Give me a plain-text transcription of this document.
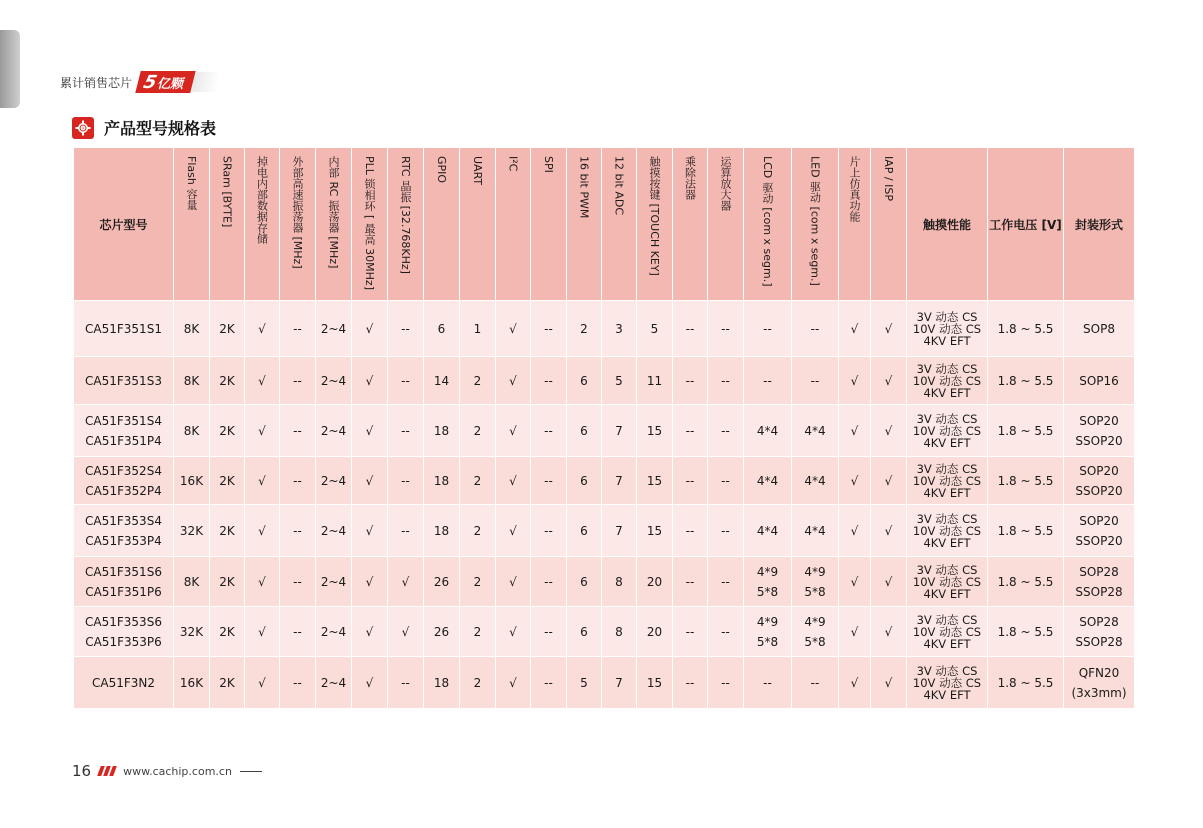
累计销售芯片 5
亿颗
产品型号规格表
芯片型号	Flash 容量	SRam [BYTE]	掉电内部数据存储	外部高速振荡器 [MHz]	内部 RC 振荡器 [MHz]	PLL 锁相环 [ 最高 30MHz]	RTC 晶振 [32.768KHz]	GPIO	UART	I²C	SPI	16 bit PWM	12 bit ADC	触摸按键 [TOUCH KEY]	乘除法器	运算放大器	LCD 驱动 [com x segm.]	LED 驱动 [com x segm.]	片上仿真功能	IAP / ISP	触摸性能	工作电压 [V]	封装形式

CA51F351S1	8K	2K	√	--	2~4	√	--	6	1	√	--	2	3	5	--	--	--	--	√	√	3V 动态 CS
10V 动态 CS
4KV EFT	1.8 ~ 5.5	SOP8

CA51F351S3	8K	2K	√	--	2~4	√	--	14	2	√	--	6	5	11	--	--	--	--	√	√	3V 动态 CS
10V 动态 CS
4KV EFT	1.8 ~ 5.5	SOP16

CA51F351S4
CA51F351P4	8K	2K	√	--	2~4	√	--	18	2	√	--	6	7	15	--	--	4*4	4*4	√	√	3V 动态 CS
10V 动态 CS
4KV EFT	1.8 ~ 5.5	SOP20
SSOP20

CA51F352S4
CA51F352P4	16K	2K	√	--	2~4	√	--	18	2	√	--	6	7	15	--	--	4*4	4*4	√	√	3V 动态 CS
10V 动态 CS
4KV EFT	1.8 ~ 5.5	SOP20
SSOP20

CA51F353S4
CA51F353P4	32K	2K	√	--	2~4	√	--	18	2	√	--	6	7	15	--	--	4*4	4*4	√	√	3V 动态 CS
10V 动态 CS
4KV EFT	1.8 ~ 5.5	SOP20
SSOP20

CA51F351S6
CA51F351P6	8K	2K	√	--	2~4	√	√	26	2	√	--	6	8	20	--	--	4*9
5*8	4*9
5*8	√	√	3V 动态 CS
10V 动态 CS
4KV EFT	1.8 ~ 5.5	SOP28
SSOP28

CA51F353S6
CA51F353P6	32K	2K	√	--	2~4	√	√	26	2	√	--	6	8	20	--	--	4*9
5*8	4*9
5*8	√	√	3V 动态 CS
10V 动态 CS
4KV EFT	1.8 ~ 5.5	SOP28
SSOP28

CA51F3N2	16K	2K	√	--	2~4	√	--	18	2	√	--	5	7	15	--	--	--	--	√	√	3V 动态 CS
10V 动态 CS
4KV EFT	1.8 ~ 5.5	QFN20
(3x3mm)
16	www.cachip.com.cn
